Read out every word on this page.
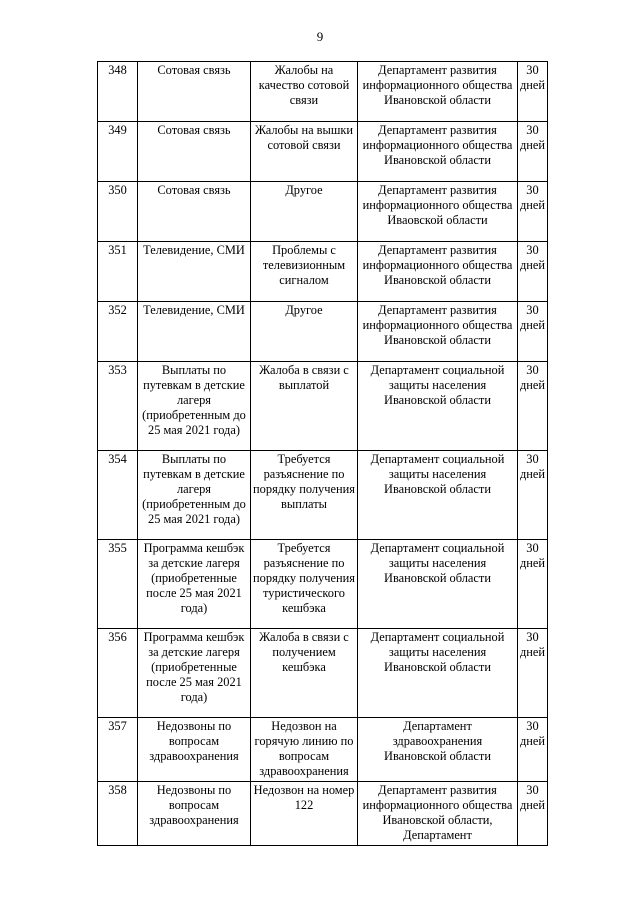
9
348	Сотовая связь	Жалобы на качество сотовой связи	Департамент развития информационного общества Ивановской области	30 дней
349	Сотовая связь	Жалобы на вышки сотовой связи	Департамент развития информационного общества Ивановской области	30 дней
350	Сотовая связь	Другое	Департамент развития информационного общества Иваовской области	30 дней
351	Телевидение, СМИ	Проблемы с телевизионным сигналом	Департамент развития информационного общества Ивановской области	30 дней
352	Телевидение, СМИ	Другое	Департамент развития информационного общества Ивановской области	30 дней
353	Выплаты по путевкам в детские лагеря (приобретенным до 25 мая 2021 года)	Жалоба в связи с выплатой	Департамент социальной защиты населения Ивановской области	30 дней
354	Выплаты по путевкам в детские лагеря (приобретенным до 25 мая 2021 года)	Требуется разъяснение по порядку получения выплаты	Департамент социальной защиты населения Ивановской области	30 дней
355	Программа кешбэк за детские лагеря (приобретенные после 25 мая 2021 года)	Требуется разъяснение по порядку получения туристического кешбэка	Департамент социальной защиты населения Ивановской области	30 дней
356	Программа кешбэк за детские лагеря (приобретенные после 25 мая 2021 года)	Жалоба в связи с получением кешбэка	Департамент социальной защиты населения Ивановской области	30 дней
357	Недозвоны по вопросам здравоохранения	Недозвон на горячую линию по вопросам здравоохранения	Департамент здравоохранения Ивановской области	30 дней
358	Недозвоны по вопросам здравоохранения	Недозвон на номер 122	Департамент развития информационного общества Ивановской области, Департамент	30 дней
